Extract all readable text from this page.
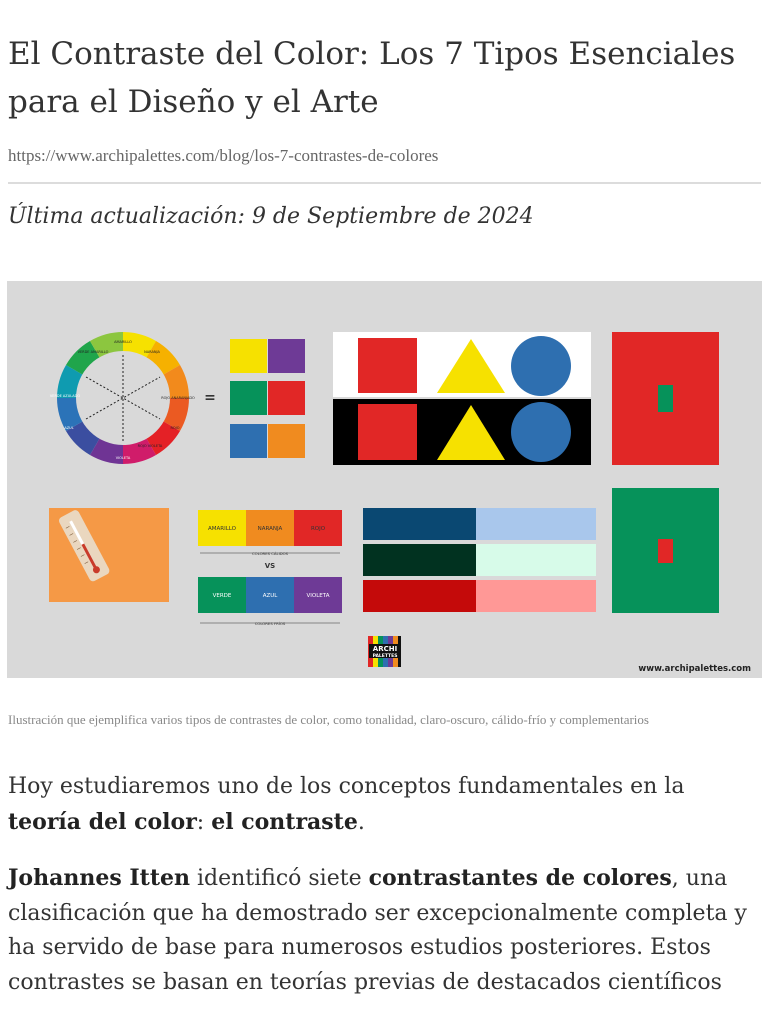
El Contraste del Color: Los 7 Tipos Esenciales para el Diseño y el Arte
https://www.archipalettes.com/blog/los-7-contrastes-de-colores
Última actualización: 9 de Septiembre de 2024
AMARILLO
NARANJA
ROJO ANARANJADO
ROJO
ROJO VIOLETA
VIOLETA
AZUL
VERDE AZULADO
VERDE AMARILLO
=
AMARILLO	NARANJA	ROJO
COLORES CÁLIDOS
VS
VERDE	AZUL	VIOLETA
COLORES FRÍOS
ARCHI
PALETTES
www.archipalettes.com

Ilustración que ejemplifica varios tipos de contrastes de color, como tonalidad, claro-oscuro, cálido-frío y complementarios

Hoy estudiaremos uno de los conceptos fundamentales en la teoría del color: el contraste.

Johannes Itten identificó siete contrastantes de colores, una clasificación que ha demostrado ser excepcionalmente completa y ha servido de base para numerosos estudios posteriores. Estos contrastes se basan en teorías previas de destacados científicos
